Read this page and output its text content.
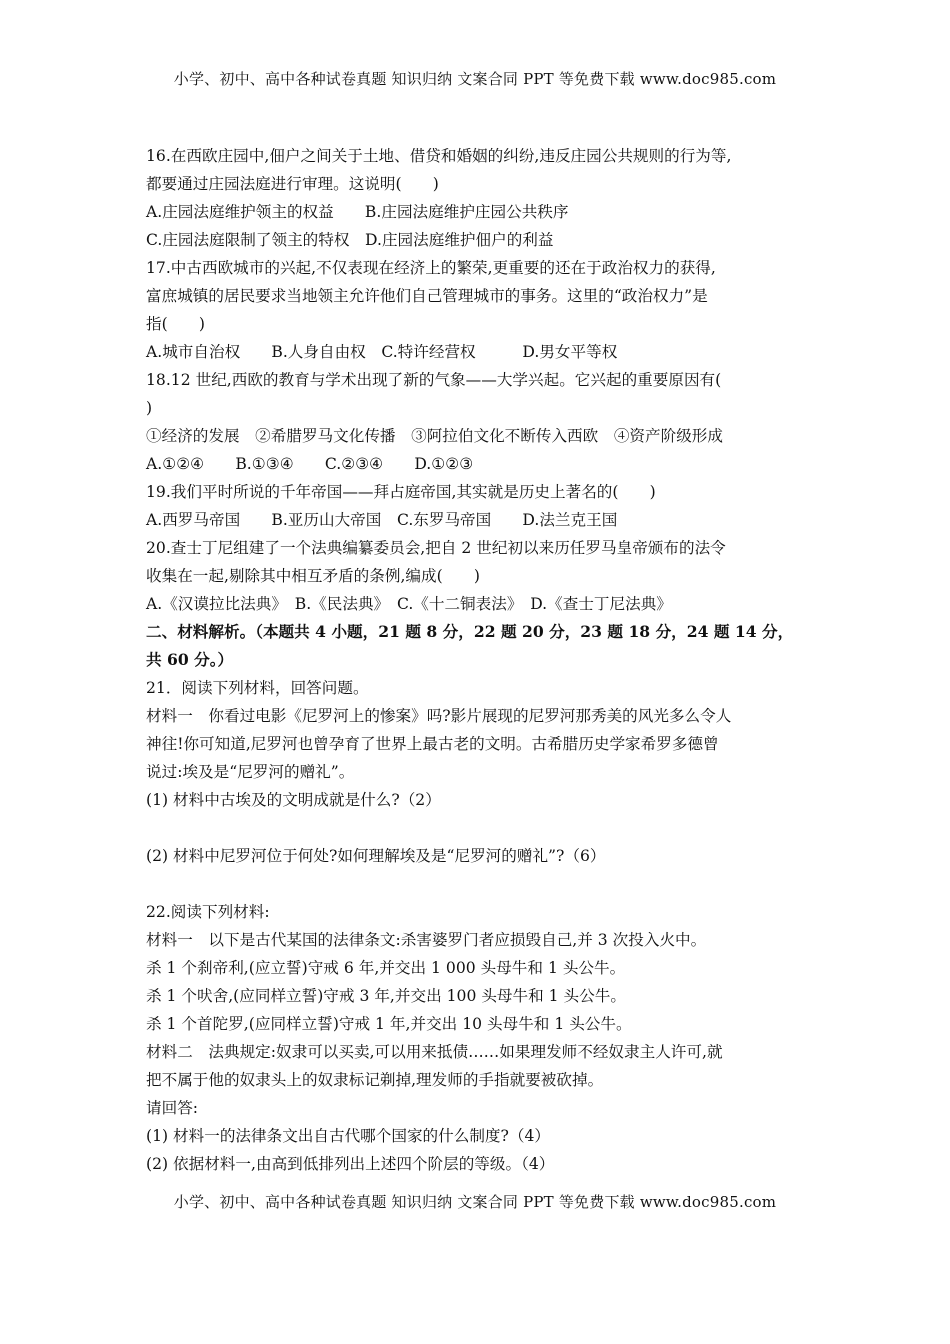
小学、初中、高中各种试卷真题 知识归纳 文案合同 PPT 等免费下载 www.doc985.com
16.在西欧庄园中,佃户之间关于土地、借贷和婚姻的纠纷,违反庄园公共规则的行为等,
都要通过庄园法庭进行审理。这说明(　　)
A.庄园法庭维护领主的权益　　B.庄园法庭维护庄园公共秩序
C.庄园法庭限制了领主的特权　D.庄园法庭维护佃户的利益
17.中古西欧城市的兴起,不仅表现在经济上的繁荣,更重要的还在于政治权力的获得,
富庶城镇的居民要求当地领主允许他们自己管理城市的事务。这里的“政治权力”是
指(　　)
A.城市自治权　　B.人身自由权　C.特许经营权　　　D.男女平等权
18.12 世纪,西欧的教育与学术出现了新的气象——大学兴起。它兴起的重要原因有(
)
①经济的发展　②希腊罗马文化传播　③阿拉伯文化不断传入西欧　④资产阶级形成
A.①②④　　B.①③④　　C.②③④　　D.①②③
19.我们平时所说的千年帝国——拜占庭帝国,其实就是历史上著名的(　　)
A.西罗马帝国　　B.亚历山大帝国　C.东罗马帝国　　D.法兰克王国
20.查士丁尼组建了一个法典编纂委员会,把自 2 世纪初以来历任罗马皇帝颁布的法令
收集在一起,剔除其中相互矛盾的条例,编成(　　)
A.《汉谟拉比法典》　B.《民法典》　C.《十二铜表法》　D.《查士丁尼法典》
二、材料解析。（本题共 4 小题，21 题 8 分，22 题 20 分，23 题 18 分，24 题 14 分，
共 60 分。）
21．阅读下列材料，回答问题。
材料一　你看过电影《尼罗河上的惨案》吗?影片展现的尼罗河那秀美的风光多么令人
神往!你可知道,尼罗河也曾孕育了世界上最古老的文明。古希腊历史学家希罗多德曾
说过:埃及是“尼罗河的赠礼”。
(1) 材料中古埃及的文明成就是什么?（2）
(2) 材料中尼罗河位于何处?如何理解埃及是“尼罗河的赠礼”?（6）
22.阅读下列材料:
材料一　以下是古代某国的法律条文:杀害婆罗门者应损毁自己,并 3 次投入火中。
杀 1 个刹帝利,(应立誓)守戒 6 年,并交出 1 000 头母牛和 1 头公牛。
杀 1 个吠舍,(应同样立誓)守戒 3 年,并交出 100 头母牛和 1 头公牛。
杀 1 个首陀罗,(应同样立誓)守戒 1 年,并交出 10 头母牛和 1 头公牛。
材料二　法典规定:奴隶可以买卖,可以用来抵债……如果理发师不经奴隶主人许可,就
把不属于他的奴隶头上的奴隶标记剃掉,理发师的手指就要被砍掉。
请回答:
(1) 材料一的法律条文出自古代哪个国家的什么制度?（4）
(2) 依据材料一,由高到低排列出上述四个阶层的等级。（4）
小学、初中、高中各种试卷真题 知识归纳 文案合同 PPT 等免费下载 www.doc985.com
